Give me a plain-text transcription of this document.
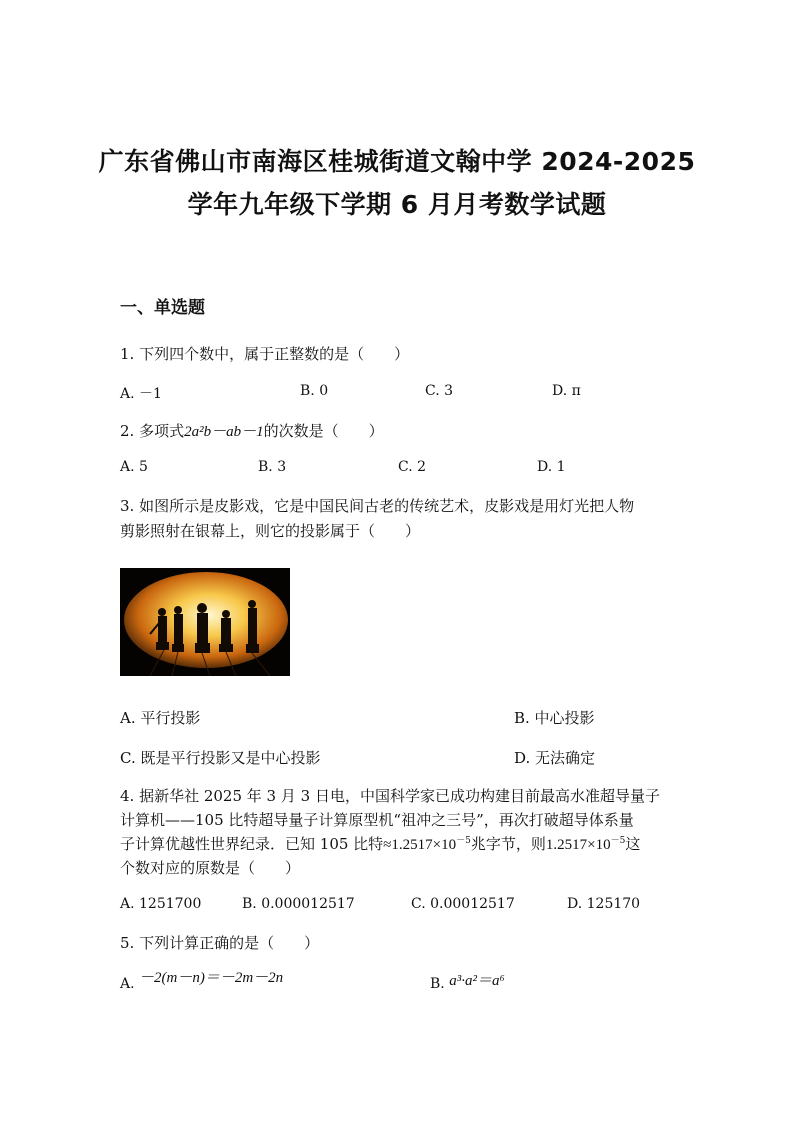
广东省佛山市南海区桂城街道文翰中学 2024-2025
学年九年级下学期 6 月月考数学试题
一、单选题
1. 下列四个数中，属于正整数的是（　　）
A. －1	B. 0	C. 3	D. π
2. 多项式2a²b－ab－1的次数是（　　）
A. 5	B. 3	C. 2	D. 1
3. 如图所示是皮影戏，它是中国民间古老的传统艺术，皮影戏是用灯光把人物
剪影照射在银幕上，则它的投影属于（　　）
A. 平行投影	B. 中心投影
C. 既是平行投影又是中心投影	D. 无法确定
4. 据新华社 2025 年 3 月 3 日电，中国科学家已成功构建目前最高水准超导量子
计算机——105 比特超导量子计算原型机“祖冲之三号”，再次打破超导体系量
子计算优越性世界纪录．已知 105 比特$\approx 1.2517\times 10^{-5}$兆字节，则$1.2517\times 10^{-5}$这
个数对应的原数是（　　）
A. 1251700	B. 0.000012517	C. 0.00012517	D. 125170
5. 下列计算正确的是（　　）
A. －2(m－n)＝－2m－2n	B. a³·a²＝a⁶
